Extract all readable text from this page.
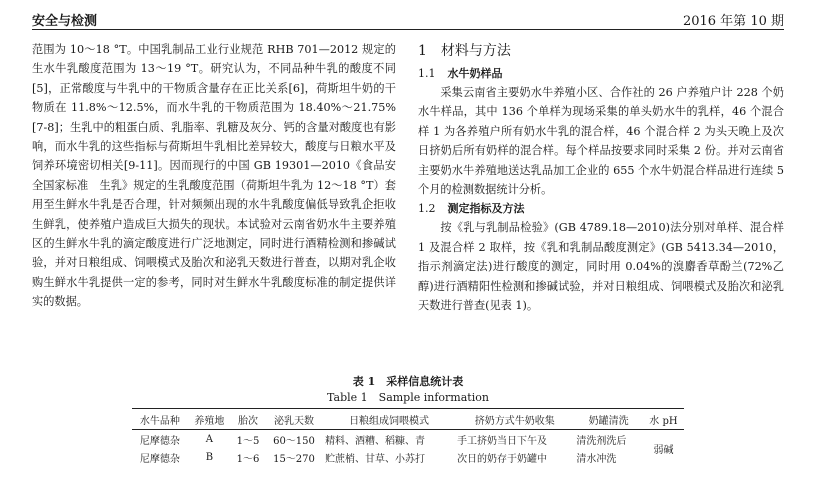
安全与检测	2016 年第 10 期

范围为 10～18 °T。中国乳制品工业行业规范 RHB 701—2012 规定的生水牛乳酸度范围为 13～19 °T。研究认为，不同品种牛乳的酸度不同[5]，正常酸度与牛乳中的干物质含量存在正比关系[6]，荷斯坦牛奶的干物质在 11.8%～12.5%，而水牛乳的干物质范围为 18.40%～21.75%[7-8]；生乳中的粗蛋白质、乳脂率、乳糖及灰分、钙的含量对酸度也有影响，而水牛乳的这些指标与荷斯坦牛乳相比差异较大，酸度与日粮水平及饲养环境密切相关[9-11]。因而现行的中国 GB 19301—2010《食品安全国家标准　生乳》规定的生乳酸度范围（荷斯坦牛乳为 12～18 °T）套用至生鲜水牛乳是否合理，针对频频出现的水牛乳酸度偏低导致乳企拒收生鲜乳，使养殖户造成巨大损失的现状。本试验对云南省奶水牛主要养殖区的生鲜水牛乳的滴定酸度进行广泛地测定，同时进行酒精检测和掺碱试验，并对日粮组成、饲喂模式及胎次和泌乳天数进行普查，以期对乳企收购生鲜水牛乳提供一定的参考，同时对生鲜水牛乳酸度标准的制定提供详实的数据。

1　材料与方法
1.1 水牛奶样品

采集云南省主要奶水牛养殖小区、合作社的 26 户养殖户计 228 个奶水牛样品，其中 136 个单样为现场采集的单头奶水牛的乳样，46 个混合样 1 为各养殖户所有奶水牛乳的混合样，46 个混合样 2 为头天晚上及次日挤奶后所有奶样的混合样。每个样品按要求同时采集 2 份。并对云南省主要奶水牛养殖地送达乳品加工企业的 655 个水牛奶混合样品进行连续 5 个月的检测数据统计分析。

1.2 测定指标及方法

按《乳与乳制品检验》(GB 4789.18—2010)法分别对单样、混合样 1 及混合样 2 取样，按《乳和乳制品酸度测定》(GB 5413.34—2010，指示剂滴定法)进行酸度的测定，同时用 0.04%的溴麝香草酚兰(72%乙醇)进行酒精阳性检测和掺碱试验，并对日粮组成、饲喂模式及胎次和泌乳天数进行普查(见表 1)。

表 1　采样信息统计表
Table 1　Sample information
水牛品种	养殖地	胎次	泌乳天数	日粮组成饲喂模式	挤奶方式牛奶收集	奶罐清洗	水 pH
尼摩德杂	A	1～5	60～150	精料、酒糟、稻糠、青	手工挤奶当日下午及	清洗剂洗后	弱碱
尼摩德杂	B	1～6	15～270	贮蔗梢、甘草、小苏打	次日的奶存于奶罐中	清水冲洗	
